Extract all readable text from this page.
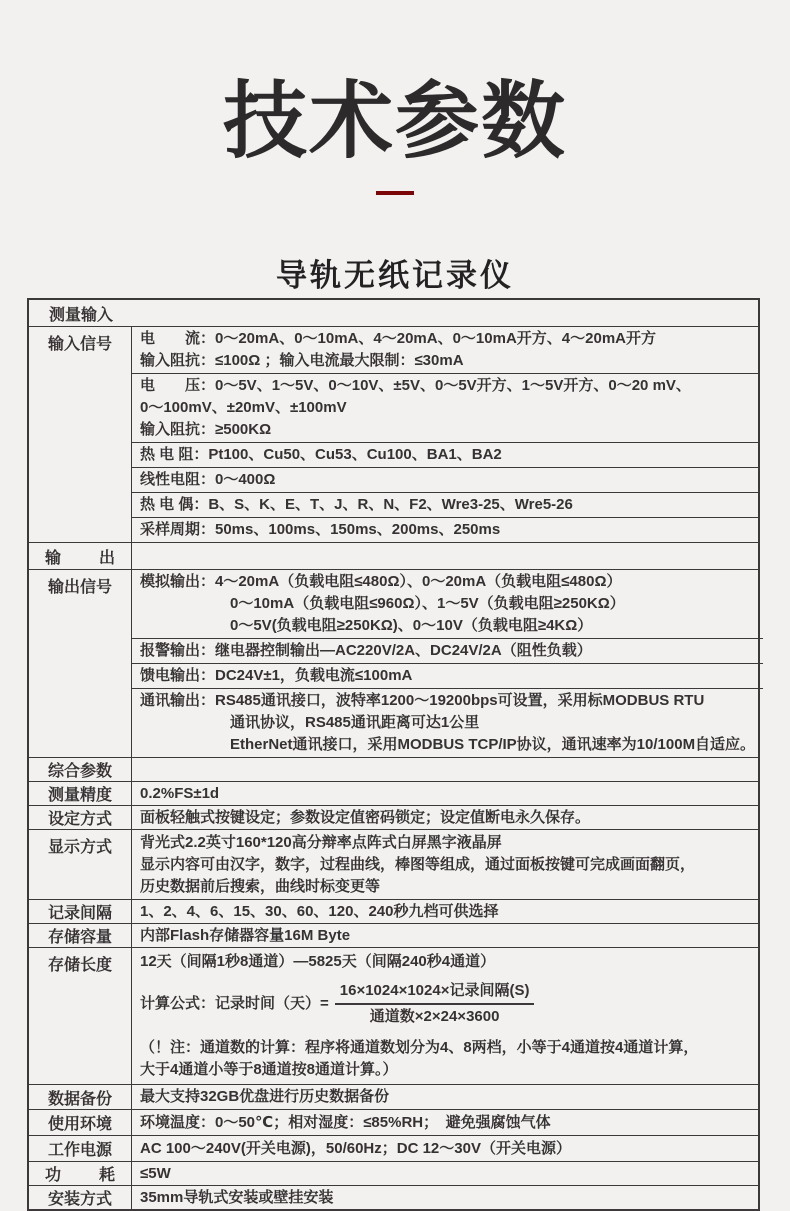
技术参数
导轨无纸记录仪
测量输入
输入信号	电　　流：0～20mA、0～10mA、4～20mA、0～10mA开方、4～20mA开方
输入阻抗：≤100Ω ；输入电流最大限制：≤30mA
电　　压：0～5V、1～5V、0～10V、±5V、0～5V开方、1～5V开方、0～20 mV、
0～100mV、±20mV、±100mV
输入阻抗：≥500KΩ
热 电 阻：Pt100、Cu50、Cu53、Cu100、BA1、BA2
线性电阻：0～400Ω
热 电 偶：B、S、K、E、T、J、R、N、F2、Wre3-25、Wre5-26
采样周期：50ms、100ms、150ms、200ms、250ms
输 出
输出信号	模拟输出：4～20mA（负载电阻≤480Ω）、0～20mA（负载电阻≤480Ω）
0～10mA（负载电阻≤960Ω）、1～5V（负载电阻≥250KΩ）
0～5V(负载电阻≥250KΩ)、0～10V（负载电阻≥4KΩ）
报警输出：继电器控制输出—AC220V/2A、DC24V/2A（阻性负载）
馈电输出：DC24V±1，负载电流≤100mA
通讯输出：RS485通讯接口，波特率1200～19200bps可设置，采用标MODBUS RTU
通讯协议，RS485通讯距离可达1公里
EtherNet通讯接口，采用MODBUS TCP/IP协议，通讯速率为10/100M自适应。
综合参数
测量精度	0.2%FS±1d
设定方式	面板轻触式按键设定；参数设定值密码锁定；设定值断电永久保存。
显示方式	背光式2.2英寸160*120高分辩率点阵式白屏黑字液晶屏
显示内容可由汉字，数字，过程曲线，棒图等组成，通过面板按键可完成画面翻页，
历史数据前后搜索，曲线时标变更等
记录间隔	1、2、4、6、15、30、60、120、240秒九档可供选择
存储容量	内部Flash存储器容量16M Byte
存储长度	12天（间隔1秒8通道）—5825天（间隔240秒4通道）
计算公式：记录时间（天）= $\frac{\text{16×1024×1024×记录间隔(S)}}{\text{通道数×2×24×3600}}$
（！注：通道数的计算：程序将通道数划分为4、8两档，小等于4通道按4通道计算，
大于4通道小等于8通道按8通道计算。）
数据备份	最大支持32GB优盘进行历史数据备份
使用环境	环境温度：0～50℃；相对湿度：≤85%RH；　避免强腐蚀气体
工作电源	AC 100～240V(开关电源)，50/60Hz；DC 12～30V（开关电源）
功 耗 ≤5W
安装方式	35mm导轨式安装或壁挂安装
